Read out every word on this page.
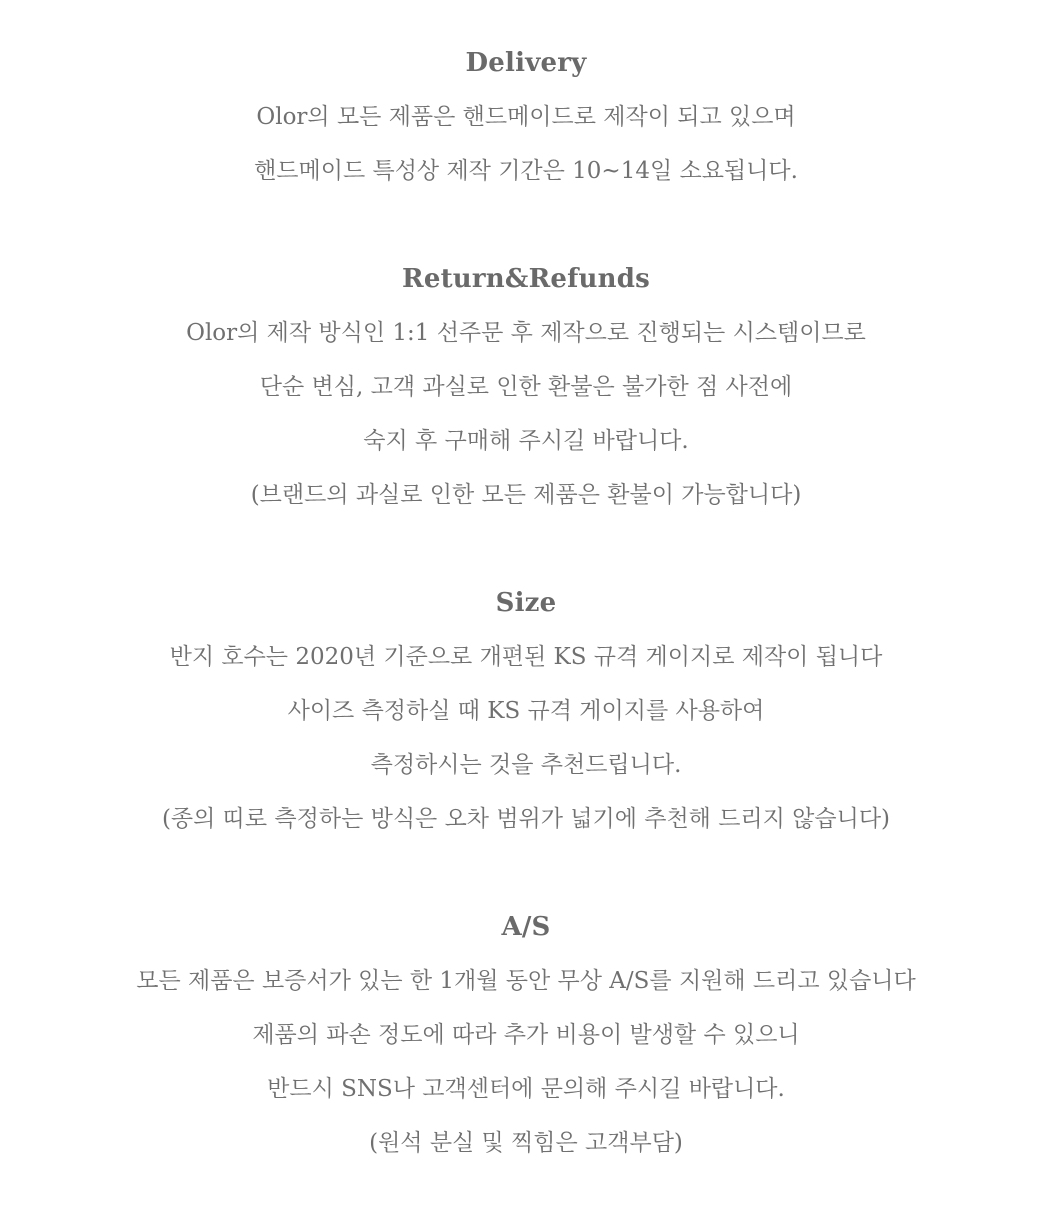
Delivery
Olor의 모든 제품은 핸드메이드로 제작이 되고 있으며
핸드메이드 특성상 제작 기간은 10~14일 소요됩니다.
Return&Refunds
Olor의 제작 방식인 1:1 선주문 후 제작으로 진행되는 시스템이므로
단순 변심, 고객 과실로 인한 환불은 불가한 점 사전에
숙지 후 구매해 주시길 바랍니다.
(브랜드의 과실로 인한 모든 제품은 환불이 가능합니다)
Size
반지 호수는 2020년 기준으로 개편된 KS 규격 게이지로 제작이 됩니다
사이즈 측정하실 때 KS 규격 게이지를 사용하여
측정하시는 것을 추천드립니다.
(종의 띠로 측정하는 방식은 오차 범위가 넓기에 추천해 드리지 않습니다)
A/S
모든 제품은 보증서가 있는 한 1개월 동안 무상 A/S를 지원해 드리고 있습니다
제품의 파손 정도에 따라 추가 비용이 발생할 수 있으니
반드시 SNS나 고객센터에 문의해 주시길 바랍니다.
(원석 분실 및 찍힘은 고객부담)
